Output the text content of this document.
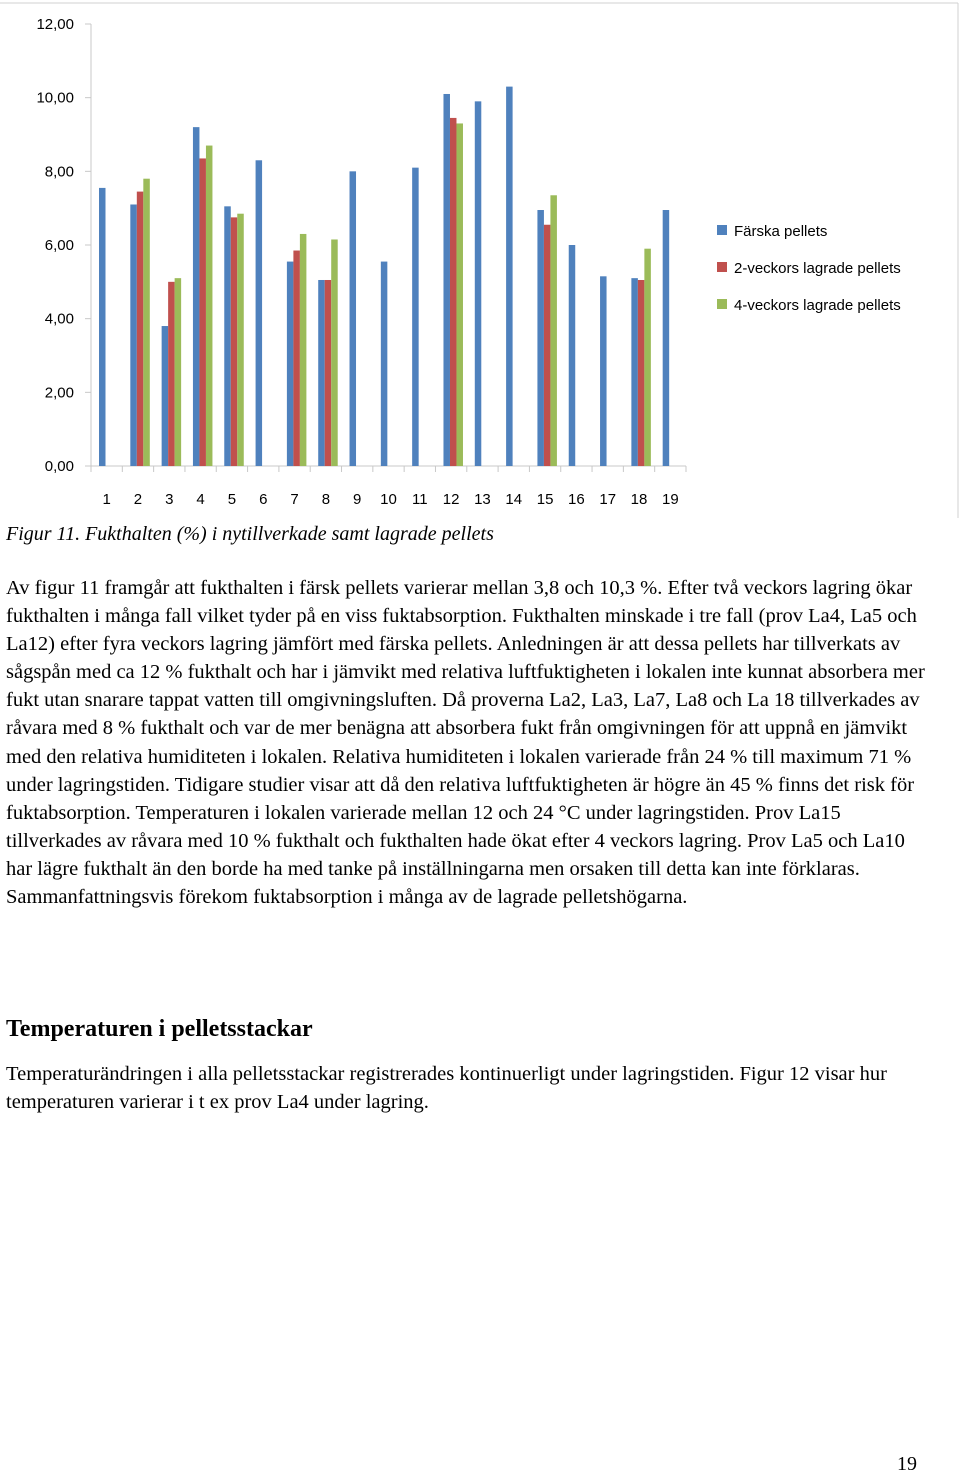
0,00
2,00
4,00
6,00
8,00
10,00
12,00
1 2 3 4 5 6 7 8 9 10 11 12 13 14 15 16 17 18 19
Färska pellets
2-veckors lagrade pellets
4-veckors lagrade pellets

Figur 11. Fukthalten (%) i nytillverkade samt lagrade pellets

Av figur 11 framgår att fukthalten i färsk pellets varierar mellan 3,8 och 10,3 %. Efter två veckors lagring ökar fukthalten i många fall vilket tyder på en viss fuktabsorption. Fukthalten minskade i tre fall (prov La4, La5 och La12) efter fyra veckors lagring jämfört med färska pellets. Anledningen är att dessa pellets har tillverkats av sågspån med ca 12 % fukthalt och har i jämvikt med relativa luftfuktigheten i lokalen inte kunnat absorbera mer fukt utan snarare tappat vatten till omgivningsluften. Då proverna La2, La3, La7, La8 och La 18 tillverkades av råvara med 8 % fukthalt och var de mer benägna att absorbera fukt från omgivningen för att uppnå en jämvikt med den relativa humiditeten i lokalen. Relativa humiditeten i lokalen varierade från 24 % till maximum 71 % under lagringstiden. Tidigare studier visar att då den relativa luftfuktigheten är högre än 45 % finns det risk för fuktabsorption. Temperaturen i lokalen varierade mellan 12 och 24 °C under lagringstiden. Prov La15 tillverkades av råvara med 10 % fukthalt och fukthalten hade ökat efter 4 veckors lagring. Prov La5 och La10 har lägre fukthalt än den borde ha med tanke på inställningarna men orsaken till detta kan inte förklaras. Sammanfattningsvis förekom fuktabsorption i många av de lagrade pelletshögarna.

Temperaturen i pelletsstackar

Temperaturändringen i alla pelletsstackar registrerades kontinuerligt under lagringstiden. Figur 12 visar hur temperaturen varierar i t ex prov La4 under lagring.

19
